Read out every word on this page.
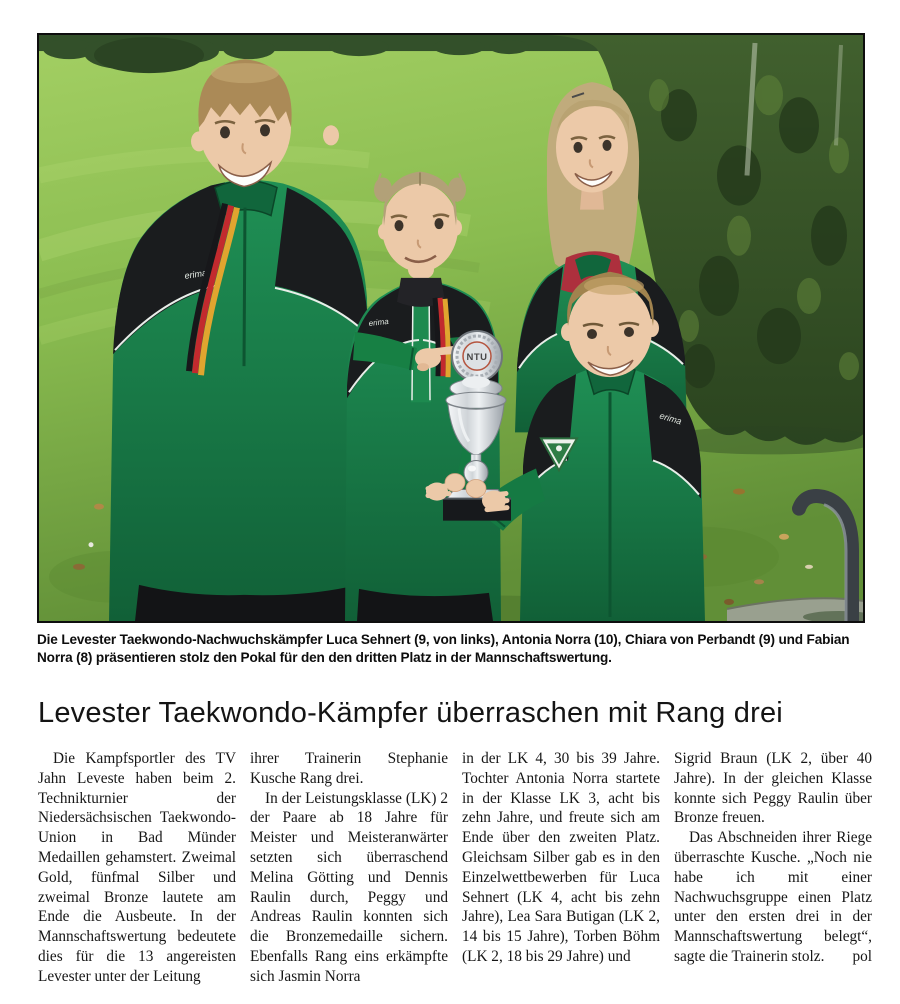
erima
erima
erima
NTU
Die Levester Taekwondo-Nachwuchskämpfer Luca Sehnert (9, von links), Antonia Norra (10), Chiara von Perbandt (9) und Fabian Norra (8) präsentieren stolz den Pokal für den den dritten Platz in der Mannschaftswertung.
Levester Taekwondo-Kämpfer überraschen mit Rang drei

Die Kampfsportler des TV Jahn Leveste haben beim 2. Technikturnier der Niedersächsischen Taekwondo-Union in Bad Münder Medaillen gehamstert. Zweimal Gold, fünfmal Silber und zweimal Bronze lautete am Ende die Ausbeute. In der Mannschaftswertung bedeutete dies für die 13 angereisten Levester unter der Leitung

ihrer Trainerin Stephanie Kusche Rang drei.

In der Leistungsklasse (LK) 2 der Paare ab 18 Jahre für Meister und Meisteranwärter setzten sich überraschend Melina Götting und Dennis Raulin durch, Peggy und Andreas Raulin konnten sich die Bronzemedaille sichern. Ebenfalls Rang eins erkämpfte sich Jasmin Norra

in der LK 4, 30 bis 39 Jahre. Tochter Antonia Norra startete in der Klasse LK 3, acht bis zehn Jahre, und freute sich am Ende über den zweiten Platz. Gleichsam Silber gab es in den Einzelwettbewerben für Luca Sehnert (LK 4, acht bis zehn Jahre), Lea Sara Butigan (LK 2, 14 bis 15 Jahre), Torben Böhm (LK 2, 18 bis 29 Jahre) und

Sigrid Braun (LK 2, über 40 Jahre). In der gleichen Klasse konnte sich Peggy Raulin über Bronze freuen.

Das Abschneiden ihrer Riege überraschte Kusche. „Noch nie habe ich mit einer Nachwuchsgruppe einen Platz unter den ersten drei in der Mannschaftswertung belegt“, sagte die Trainerin stolz.	pol
